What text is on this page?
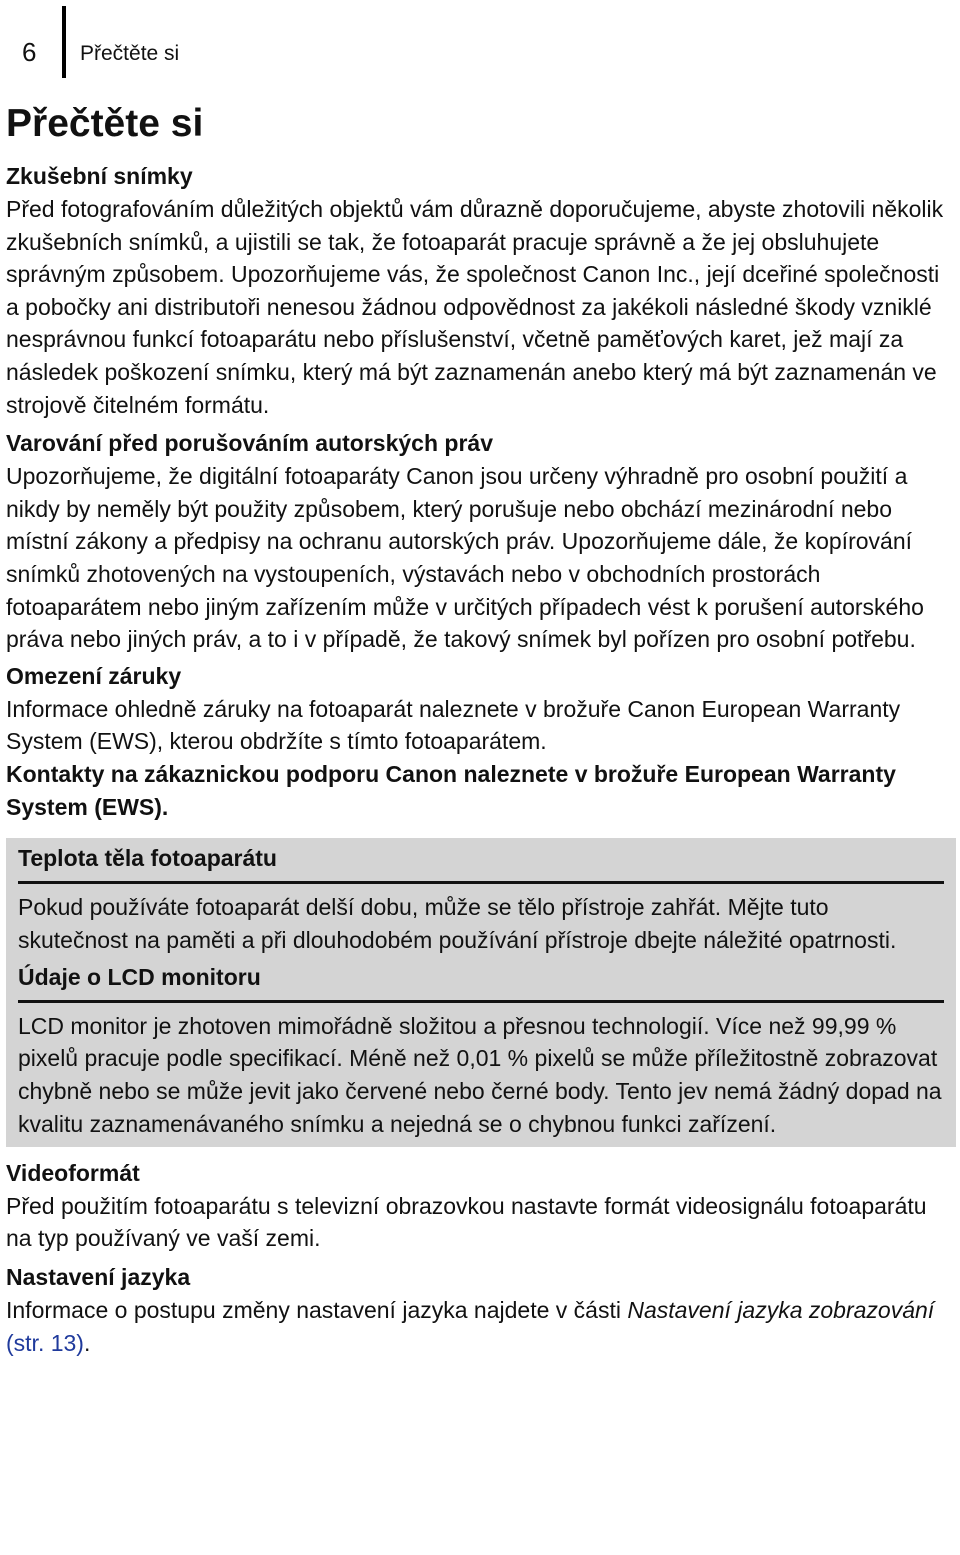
6 Přečtěte si
Přečtěte si
Zkušební snímky

Před fotografováním důležitých objektů vám důrazně doporučujeme, abyste zhotovili několik zkušebních snímků, a ujistili se tak, že fotoaparát pracuje správně a že jej obsluhujete správným způsobem. Upozorňujeme vás, že společnost Canon Inc., její dceřiné společnosti a pobočky ani distributoři nenesou žádnou odpovědnost za jakékoli následné škody vzniklé nesprávnou funkcí fotoaparátu nebo příslušenství, včetně paměťových karet, jež mají za následek poškození snímku, který má být zaznamenán anebo který má být zaznamenán ve strojově čitelném formátu.

Varování před porušováním autorských práv

Upozorňujeme, že digitální fotoaparáty Canon jsou určeny výhradně pro osobní použití a nikdy by neměly být použity způsobem, který porušuje nebo obchází mezinárodní nebo místní zákony a předpisy na ochranu autorských práv. Upozorňujeme dále, že kopírování snímků zhotovených na vystoupeních, výstavách nebo v obchodních prostorách fotoaparátem nebo jiným zařízením může v určitých případech vést k porušení autorského práva nebo jiných práv, a to i v případě, že takový snímek byl pořízen pro osobní potřebu.

Omezení záruky

Informace ohledně záruky na fotoaparát naleznete v brožuře Canon European Warranty System (EWS), kterou obdržíte s tímto fotoaparátem.

Kontakty na zákaznickou podporu Canon naleznete v brožuře European Warranty System (EWS).

Teplota těla fotoaparátu

Pokud používáte fotoaparát delší dobu, může se tělo přístroje zahřát. Mějte tuto skutečnost na paměti a při dlouhodobém používání přístroje dbejte náležité opatrnosti.

Údaje o LCD monitoru

LCD monitor je zhotoven mimořádně složitou a přesnou technologií. Více než 99,99 % pixelů pracuje podle specifikací. Méně než 0,01 % pixelů se může příležitostně zobrazovat chybně nebo se může jevit jako červené nebo černé body. Tento jev nemá žádný dopad na kvalitu zaznamenávaného snímku a nejedná se o chybnou funkci zařízení.

Videoformát

Před použitím fotoaparátu s televizní obrazovkou nastavte formát videosignálu fotoaparátu na typ používaný ve vaší zemi.

Nastavení jazyka

Informace o postupu změny nastavení jazyka najdete v části Nastavení jazyka zobrazování (str. 13).
